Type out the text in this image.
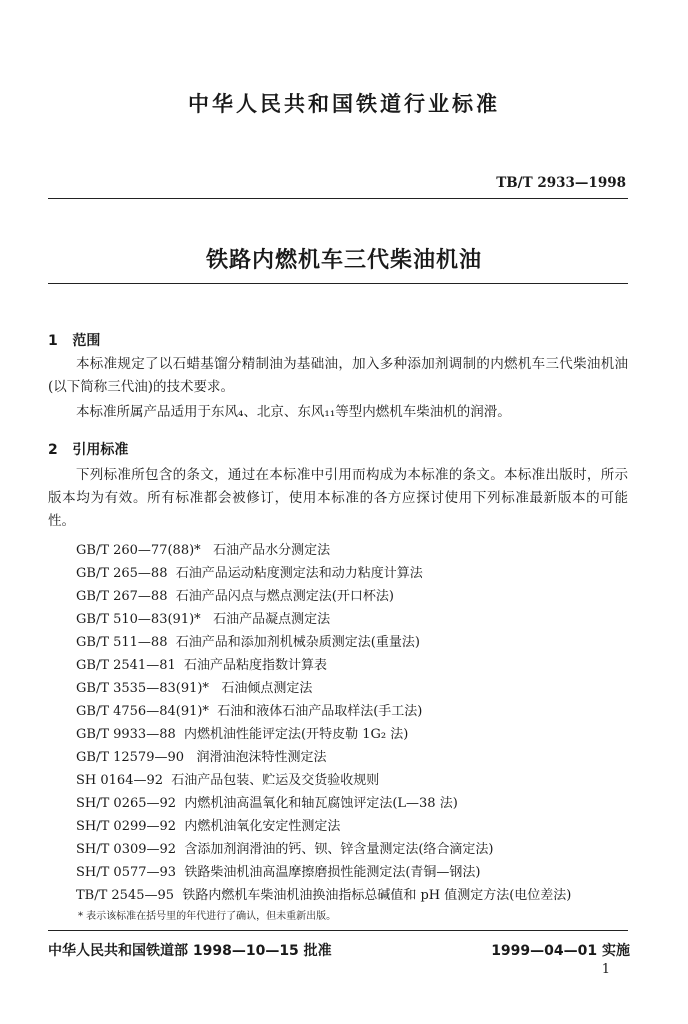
中华人民共和国铁道行业标准
TB/T 2933—1998
铁路内燃机车三代柴油机油
1 范围

本标准规定了以石蜡基馏分精制油为基础油，加入多种添加剂调制的内燃机车三代柴油机油(以下简称三代油)的技术要求。

本标准所属产品适用于东风₄、北京、东风₁₁等型内燃机车柴油机的润滑。

2 引用标准

下列标准所包含的条文，通过在本标准中引用而构成为本标准的条文。本标准出版时，所示版本均为有效。所有标准都会被修订，使用本标准的各方应探讨使用下列标准最新版本的可能性。

GB/T 260—77(88)* 石油产品水分测定法
GB/T 265—88 石油产品运动粘度测定法和动力粘度计算法
GB/T 267—88 石油产品闪点与燃点测定法(开口杯法)
GB/T 510—83(91)* 石油产品凝点测定法
GB/T 511—88 石油产品和添加剂机械杂质测定法(重量法)
GB/T 2541—81 石油产品粘度指数计算表
GB/T 3535—83(91)* 石油倾点测定法
GB/T 4756—84(91)* 石油和液体石油产品取样法(手工法)
GB/T 9933—88 内燃机油性能评定法(开特皮勒 1G₂ 法)
GB/T 12579—90 润滑油泡沫特性测定法
SH 0164—92 石油产品包装、贮运及交货验收规则
SH/T 0265—92 内燃机油高温氧化和轴瓦腐蚀评定法(L—38 法)
SH/T 0299—92 内燃机油氧化安定性测定法
SH/T 0309—92 含添加剂润滑油的钙、钡、锌含量测定法(络合滴定法)
SH/T 0577—93 铁路柴油机油高温摩擦磨损性能测定法(青铜—钢法)
TB/T 2545—95 铁路内燃机车柴油机油换油指标总碱值和 pH 值测定方法(电位差法)
* 表示该标准在括号里的年代进行了确认，但未重新出版。
中华人民共和国铁道部 1998—10—15 批准	1999—04—01 实施
1
